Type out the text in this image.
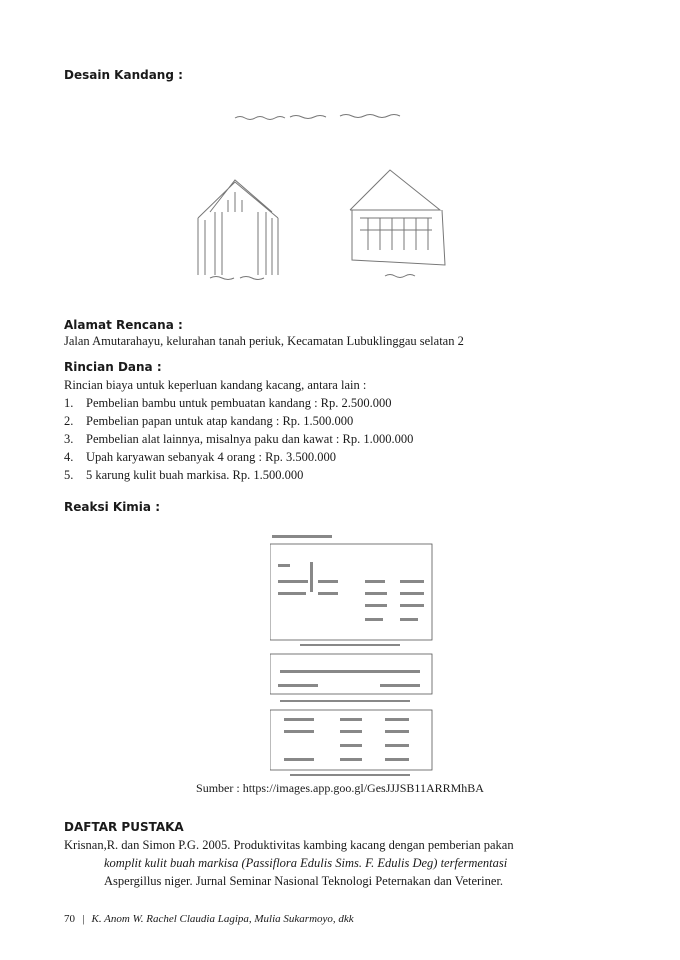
Desain Kandang :
Alamat Rencana :
Jalan Amutarahayu, kelurahan tanah periuk, Kecamatan Lubuklinggau selatan 2
Rincian Dana :
Rincian biaya untuk keperluan kandang kacang, antara lain :
1. Pembelian bambu untuk pembuatan kandang : Rp. 2.500.000
2. Pembelian papan untuk atap kandang : Rp. 1.500.000
3. Pembelian alat lainnya, misalnya paku dan kawat : Rp. 1.000.000
4. Upah karyawan sebanyak 4 orang : Rp. 3.500.000
5. 5 karung kulit buah markisa. Rp. 1.500.000
Reaksi Kimia :
Sumber : https://images.app.goo.gl/GesJJJSB11ARRMhBA
DAFTAR PUSTAKA
Krisnan,R. dan Simon P.G. 2005. Produktivitas kambing kacang dengan pemberian pakan
komplit kulit buah markisa (Passiflora Edulis Sims. F. Edulis Deg) terfermentasi
Aspergillus niger. Jurnal Seminar Nasional Teknologi Peternakan dan Veteriner.
70 | K. Anom W. Rachel Claudia Lagipa, Mulia Sukarmoyo, dkk
